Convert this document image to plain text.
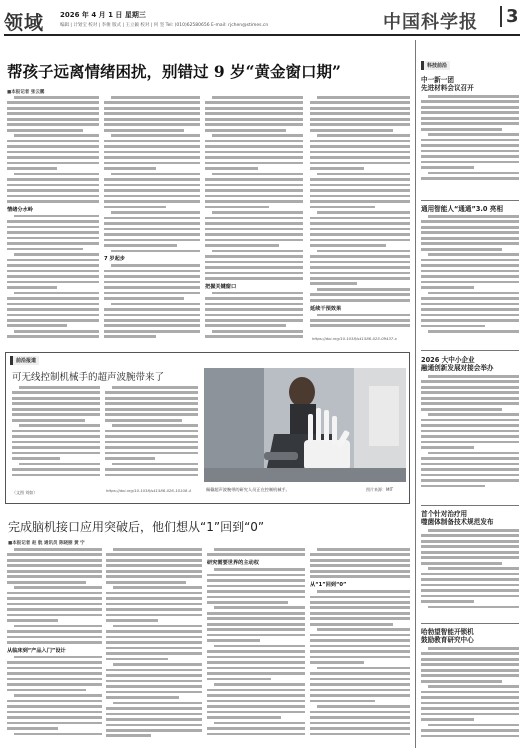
领域 2026 年 4 月 1 日 星期三
编辑 | 计划宝 校对 | 李俊 版式 | 王立颖 校对 | 何 坚 Tel: (010)62580656 E-mail: rjchen@stimes.cn	中国科学报	3
帮孩子远离情绪困扰，别错过 9 岁“黄金窗口期”
■本报记者 张云鹏
情绪分水岭
7 岁起步
把握关键窗口
延续干预效果
https://doi.org/10.1038/s41586-025-09437-x
前沿报道
可无线控制机械手的超声波腕带来了
（文图 刘如）	https://doi.org/10.1038/s41586-026-10108-4	佩戴超声波腕带的研究人员正在控制机械手。	图片来源：MIT
完成脑机接口应用突破后，他们想从“1”回到“0”
■本报记者 赵 航 通讯员 陈晓丽 黄 宁
从临床到“产品入门”设计
研究需要世界的主动权
从“1”回到“0”
科技前沿
中一新一团
先进材料会议召开
通用智能人“通通”3.0 亮相
2026 大中小企业
融通创新发展对接会举办
首个针对治疗用
噬菌体制备技术规范发布
哈勃望智能开锁机
鼓励教育研究中心
